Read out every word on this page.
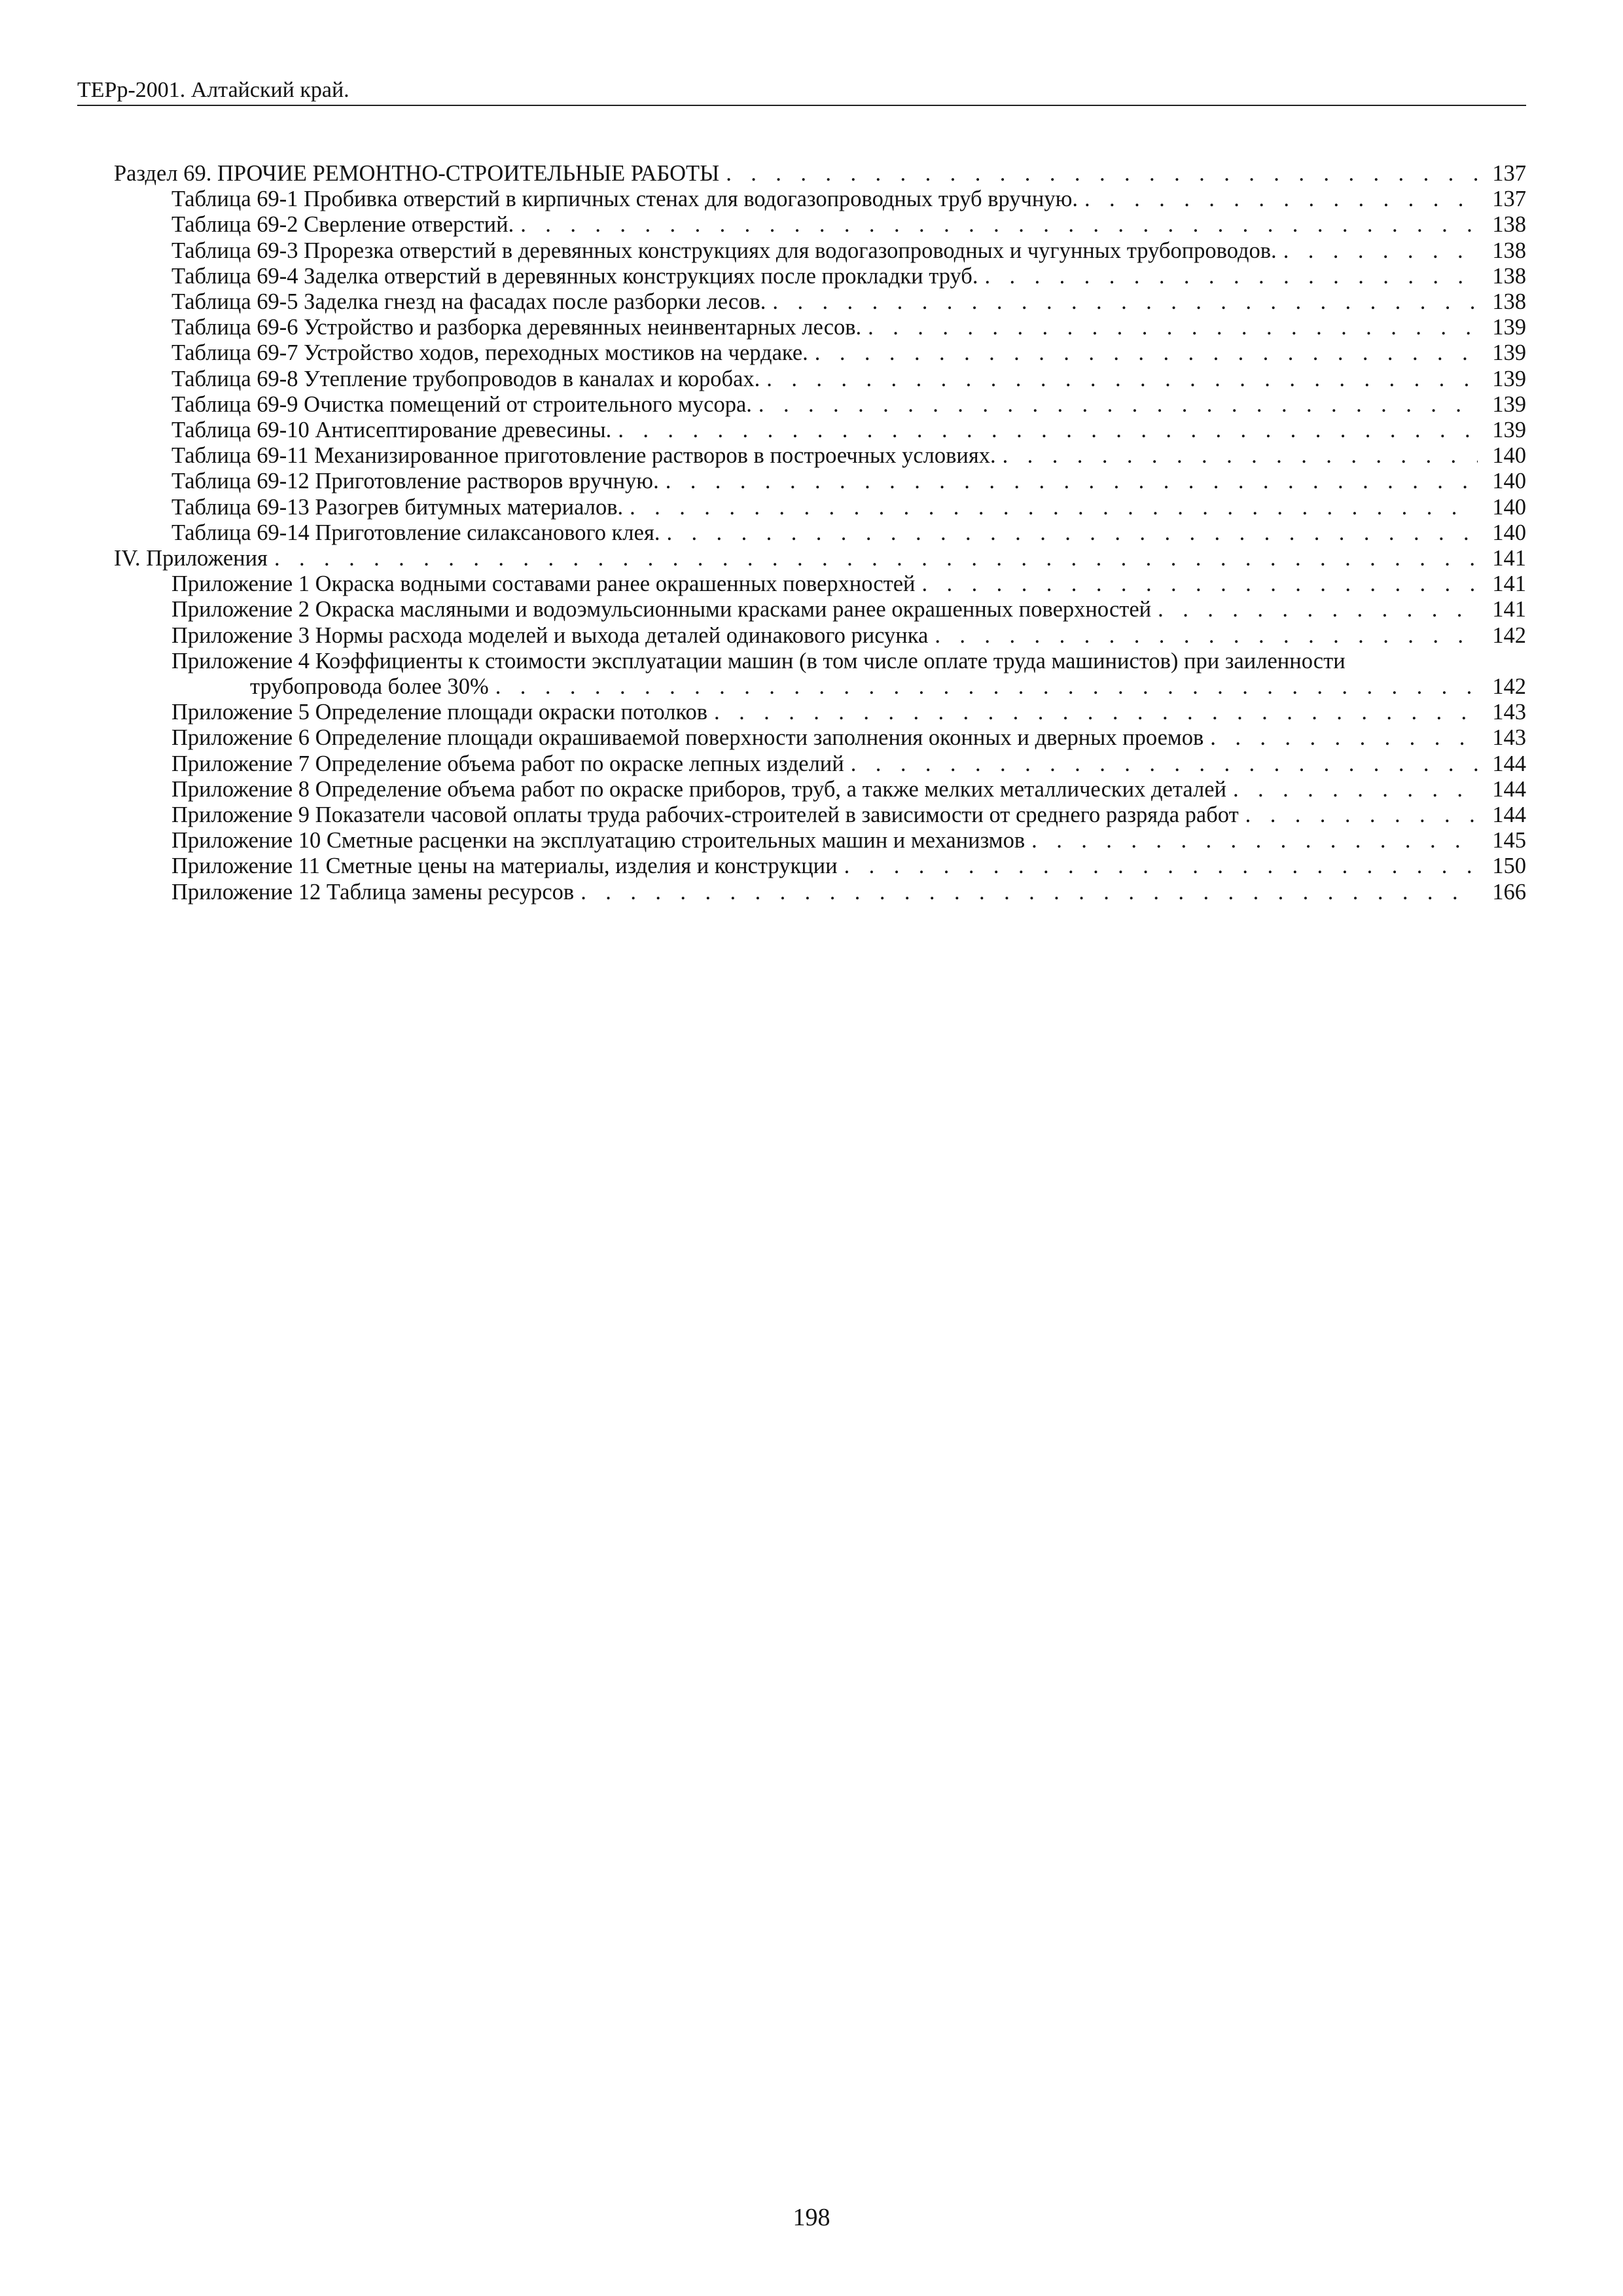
ТЕРр-2001. Алтайский край.
Раздел 69. ПРОЧИЕ РЕМОНТНО-СТРОИТЕЛЬНЫЕ РАБОТЫ . . .	137
Таблица 69-1 Пробивка отверстий в кирпичных стенах для водогазопроводных труб вручную. . . .	137
Таблица 69-2 Сверление отверстий. . . .	138
Таблица 69-3 Прорезка отверстий в деревянных конструкциях для водогазопроводных и чугунных трубопроводов. . . .	138
Таблица 69-4 Заделка отверстий в деревянных конструкциях после прокладки труб. . . .	138
Таблица 69-5 Заделка гнезд на фасадах после разборки лесов. . . .	138
Таблица 69-6 Устройство и разборка деревянных неинвентарных лесов. . . .	139
Таблица 69-7 Устройство ходов, переходных мостиков на чердаке. . . .	139
Таблица 69-8 Утепление трубопроводов в каналах и коробах. . . .	139
Таблица 69-9 Очистка помещений от строительного мусора. . . .	139
Таблица 69-10 Антисептирование древесины. . . .	139
Таблица 69-11 Механизированное приготовление растворов в построечных условиях. . . .	140
Таблица 69-12 Приготовление растворов вручную. . . .	140
Таблица 69-13 Разогрев битумных материалов. . . .	140
Таблица 69-14 Приготовление силаксанового клея. . . .	140
IV. Приложения . . .	141
Приложение 1 Окраска водными составами ранее окрашенных поверхностей . . .	141
Приложение 2 Окраска масляными и водоэмульсионными красками ранее окрашенных поверхностей . . .	141
Приложение 3 Нормы расхода моделей и выхода деталей одинакового рисунка . . .	142
Приложение 4 Коэффициенты к стоимости эксплуатации машин (в том числе оплате труда машинистов) при заиленности
трубопровода более 30% . . .	142
Приложение 5 Определение площади окраски потолков . . .	143
Приложение 6 Определение площади окрашиваемой поверхности заполнения оконных и дверных проемов . . .	143
Приложение 7 Определение объема работ по окраске лепных изделий . . .	144
Приложение 8 Определение объема работ по окраске приборов, труб, а также мелких металлических деталей . . .	144
Приложение 9 Показатели часовой оплаты труда рабочих-строителей в зависимости от среднего разряда работ . . .	144
Приложение 10 Сметные расценки на эксплуатацию строительных машин и механизмов . . .	145
Приложение 11 Сметные цены на материалы, изделия и конструкции . . .	150
Приложение 12 Таблица замены ресурсов . . .	166
198
